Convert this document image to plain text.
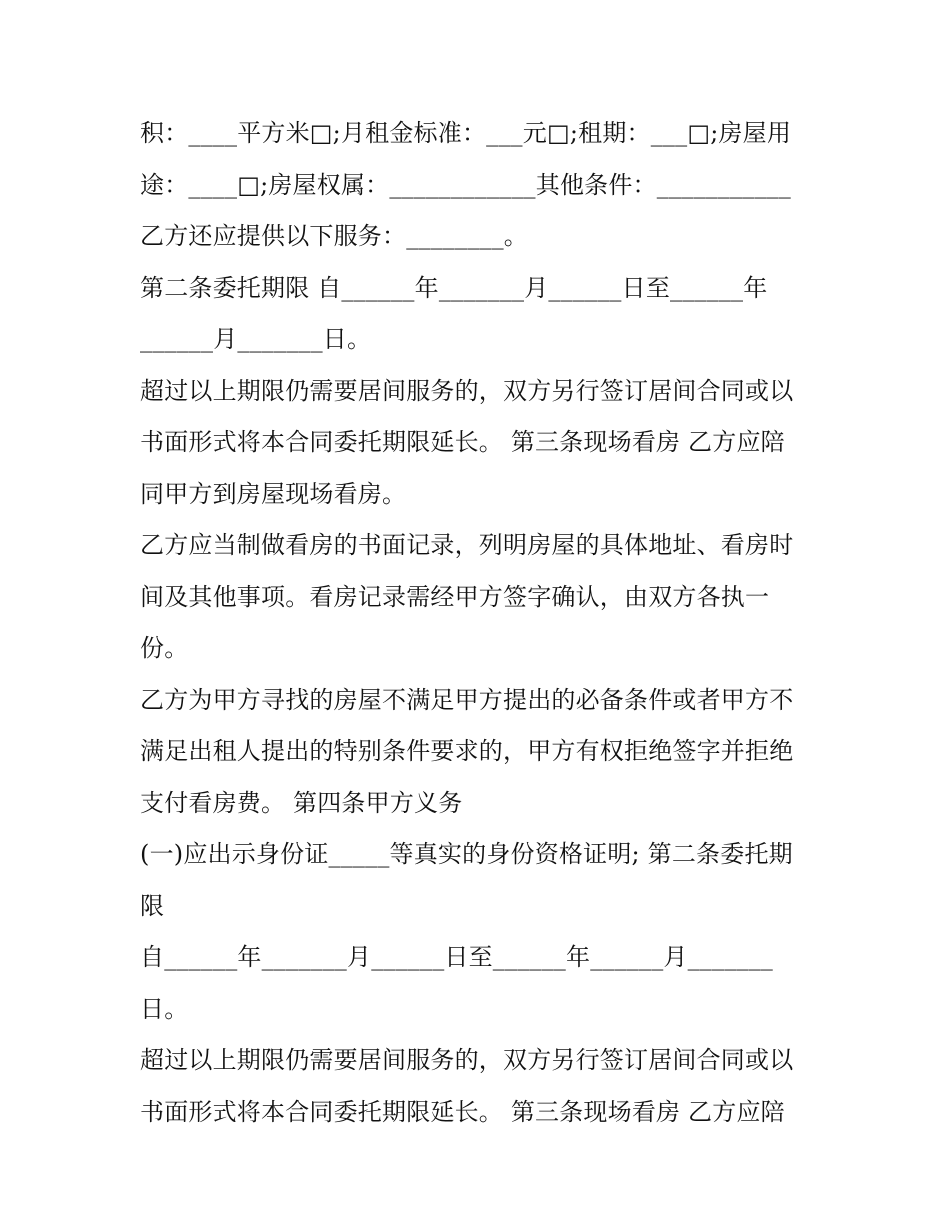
积：____平方米□;月租金标准：___元□;租期：___□;房屋用
途：____□;房屋权属：____________其他条件：___________
乙方还应提供以下服务：________。
第二条委托期限 自______年_______月______日至______年
______月_______日。
超过以上期限仍需要居间服务的，双方另行签订居间合同或以
书面形式将本合同委托期限延长。 第三条现场看房 乙方应陪
同甲方到房屋现场看房。
乙方应当制做看房的书面记录，列明房屋的具体地址、看房时
间及其他事项。看房记录需经甲方签字确认，由双方各执一
份。
乙方为甲方寻找的房屋不满足甲方提出的必备条件或者甲方不
满足出租人提出的特别条件要求的，甲方有权拒绝签字并拒绝
支付看房费。 第四条甲方义务
(一)应出示身份证_____等真实的身份资格证明; 第二条委托期
限
自______年_______月______日至______年______月_______
日。
超过以上期限仍需要居间服务的，双方另行签订居间合同或以
书面形式将本合同委托期限延长。 第三条现场看房 乙方应陪
